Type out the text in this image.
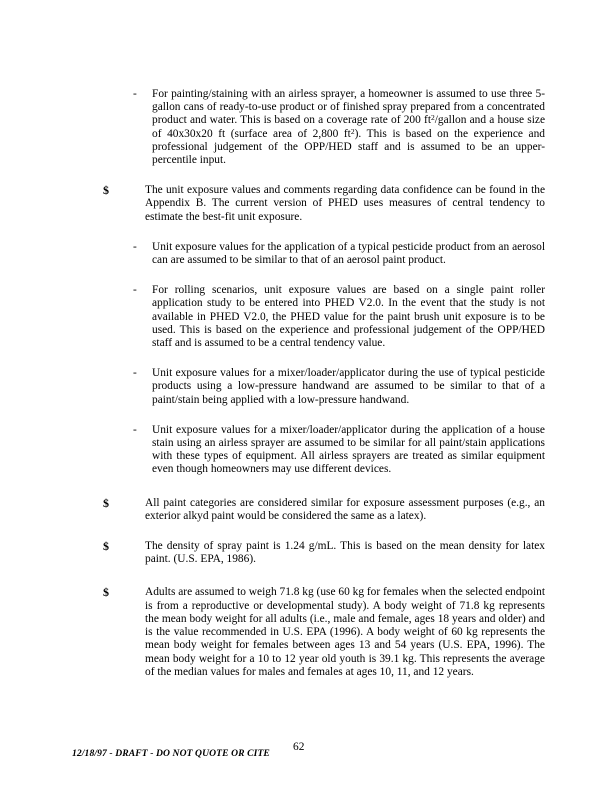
- For painting/staining with an airless sprayer, a homeowner is assumed to use three 5-gallon cans of ready-to-use product or of finished spray prepared from a concentrated product and water. This is based on a coverage rate of 200 $ft^2$/gallon and a house size of 40x30x20 ft (surface area of 2,800 $ft^2$). This is based on the experience and professional judgement of the OPP/HED staff and is assumed to be an upper-percentile input.
$	The unit exposure values and comments regarding data confidence can be found in the Appendix B. The current version of PHED uses measures of central tendency to estimate the best-fit unit exposure.
- Unit exposure values for the application of a typical pesticide product from an aerosol can are assumed to be similar to that of an aerosol paint product.
- For rolling scenarios, unit exposure values are based on a single paint roller application study to be entered into PHED V2.0. In the event that the study is not available in PHED V2.0, the PHED value for the paint brush unit exposure is to be used. This is based on the experience and professional judgement of the OPP/HED staff and is assumed to be a central tendency value.
- Unit exposure values for a mixer/loader/applicator during the use of typical pesticide products using a low-pressure handwand are assumed to be similar to that of a paint/stain being applied with a low-pressure handwand.
- Unit exposure values for a mixer/loader/applicator during the application of a house stain using an airless sprayer are assumed to be similar for all paint/stain applications with these types of equipment. All airless sprayers are treated as similar equipment even though homeowners may use different devices.
$	All paint categories are considered similar for exposure assessment purposes (e.g., an exterior alkyd paint would be considered the same as a latex).
$	The density of spray paint is 1.24 g/mL. This is based on the mean density for latex paint. (U.S. EPA, 1986).
$	Adults are assumed to weigh 71.8 kg (use 60 kg for females when the selected endpoint is from a reproductive or developmental study). A body weight of 71.8 kg represents the mean body weight for all adults (i.e., male and female, ages 18 years and older) and is the value recommended in U.S. EPA (1996). A body weight of 60 kg represents the mean body weight for females between ages 13 and 54 years (U.S. EPA, 1996). The mean body weight for a 10 to 12 year old youth is 39.1 kg. This represents the average of the median values for males and females at ages 10, 11, and 12 years.
12/18/97 - DRAFT - DO NOT QUOTE OR CITE
62
